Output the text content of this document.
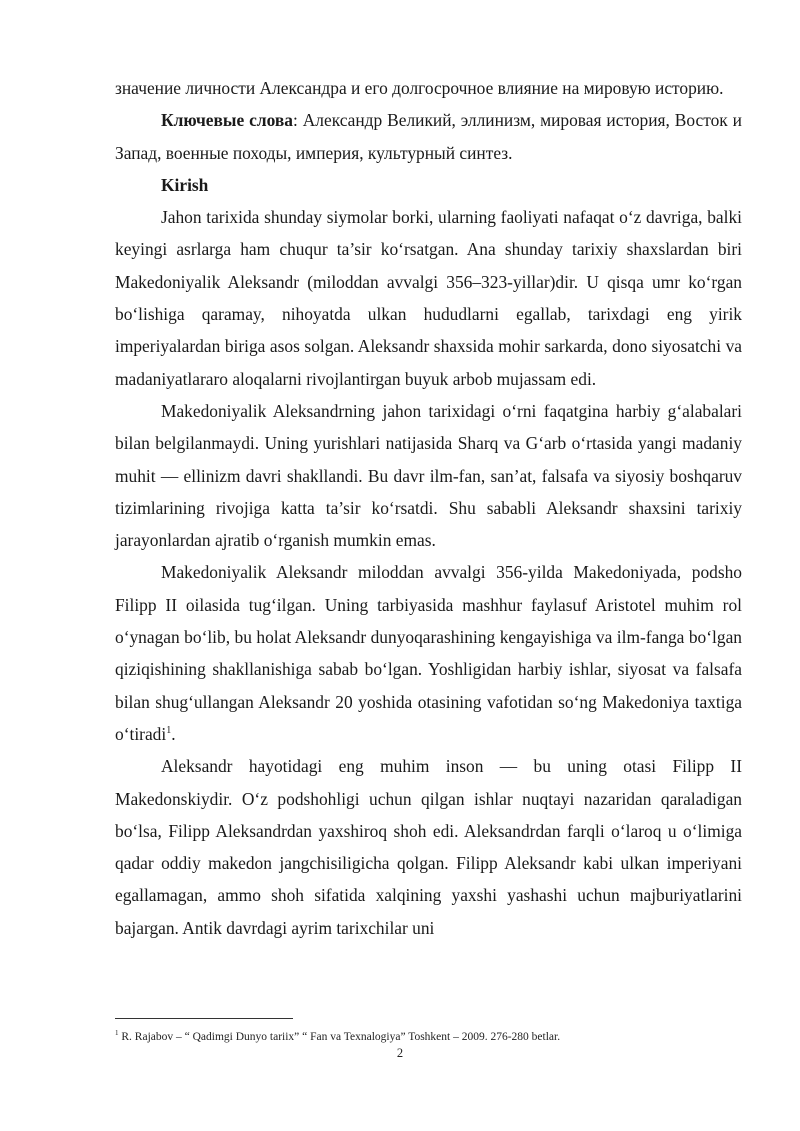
значение личности Александра и его долгосрочное влияние на мировую историю.

Ключевые слова: Александр Великий, эллинизм, мировая история, Восток и Запад, военные походы, империя, культурный синтез.

Kirish

Jahon tarixida shunday siymolar borki, ularning faoliyati nafaqat o‘z davriga, balki keyingi asrlarga ham chuqur ta’sir ko‘rsatgan. Ana shunday tarixiy shaxslardan biri Makedoniyalik Aleksandr (miloddan avvalgi 356–323-yillar)dir. U qisqa umr ko‘rgan bo‘lishiga qaramay, nihoyatda ulkan hududlarni egallab, tarixdagi eng yirik imperiyalardan biriga asos solgan. Aleksandr shaxsida mohir sarkarda, dono siyosatchi va madaniyatlararo aloqalarni rivojlantirgan buyuk arbob mujassam edi.

Makedoniyalik Aleksandrning jahon tarixidagi o‘rni faqatgina harbiy g‘alabalari bilan belgilanmaydi. Uning yurishlari natijasida Sharq va G‘arb o‘rtasida yangi madaniy muhit — ellinizm davri shakllandi. Bu davr ilm-fan, san’at, falsafa va siyosiy boshqaruv tizimlarining rivojiga katta ta’sir ko‘rsatdi. Shu sababli Aleksandr shaxsini tarixiy jarayonlardan ajratib o‘rganish mumkin emas.

Makedoniyalik Aleksandr miloddan avvalgi 356-yilda Makedoniyada, podsho Filipp II oilasida tug‘ilgan. Uning tarbiyasida mashhur faylasuf Aristotel muhim rol o‘ynagan bo‘lib, bu holat Aleksandr dunyoqarashining kengayishiga va ilm-fanga bo‘lgan qiziqishining shakllanishiga sabab bo‘lgan. Yoshligidan harbiy ishlar, siyosat va falsafa bilan shug‘ullangan Aleksandr 20 yoshida otasining vafotidan so‘ng Makedoniya taxtiga o‘tiradi$^1$.

Aleksandr hayotidagi eng muhim inson — bu uning otasi Filipp II Makedonskiydir. O‘z podshohligi uchun qilgan ishlar nuqtayi nazaridan qaraladigan bo‘lsa, Filipp Aleksandrdan yaxshiroq shoh edi. Aleksandrdan farqli o‘laroq u o‘limiga qadar oddiy makedon jangchisiligicha qolgan. Filipp Aleksandr kabi ulkan imperiyani egallamagan, ammo shoh sifatida xalqining yaxshi yashashi uchun majburiyatlarini bajargan. Antik davrdagi ayrim tarixchilar uni

$^1$ R. Rajabov – “ Qadimgi Dunyo tariix” “ Fan va Texnalogiya” Toshkent – 2009. 276-280 betlar.
2
